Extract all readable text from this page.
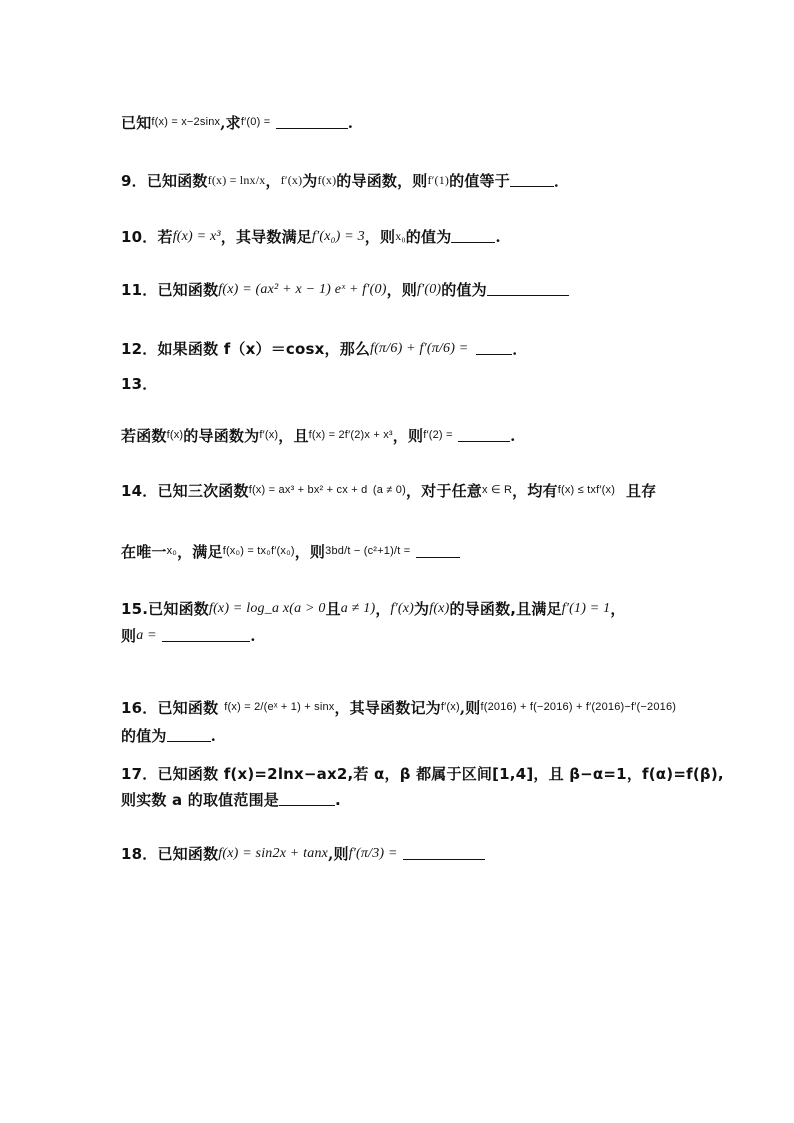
已知$^{f(x) = x-2sinx}$,求$^{f'(0) =}$	.
9．已知函数f(x) = lnx/x，f′(x)为f(x)的导函数，则f′(1)的值等于	．
10．若f(x) = x³，其导数满足f′(x₀) = 3，则x₀的值为	.
11．已知函数f(x) = (ax² + x − 1) eˣ + f′(0)，则f′(0)的值为
12．如果函数 f（x）＝cosx，那么f(π/6) + f′(π/6) =	．
13．
若函数$^{f(x)}$的导函数为$^{f'(x)}$，且$^{f(x) = 2f'(2)x + x^3}$，则$^{f'(2) =}$	.
14．已知三次函数$^{f(x) = ax^3 + bx^2 + cx + d}$ $^{(a \ne 0)}$，对于任意$^{x \in R}$，均有$^{f(x) \le txf'(x)}$ 且存
在唯一$^{x_0}$，满足$^{f(x_0) = tx_0f'(x_0)}$，则$^{3bd/t - (c^2+1)/t =}$
15.已知函数f(x) = log_a x(a > 0且a ≠ 1)，f′(x)为f(x)的导函数,且满足f′(1) = 1，
则a =	.
16．已知函数 $^{f(x) = 2/(eˣ + 1) + sinx}$，其导函数记为$^{f'(x)}$,则$^{f(2016) + f(-2016) + f'(2016)-f'(-2016)}$
的值为	.
17．已知函数 f(x)=2lnx−ax2,若 α，β 都属于区间[1,4]，且 β−α=1，f(α)=f(β),
则实数 a 的取值范围是	.
18．已知函数f(x) = sin2x + tanx,则f′(π/3) =
